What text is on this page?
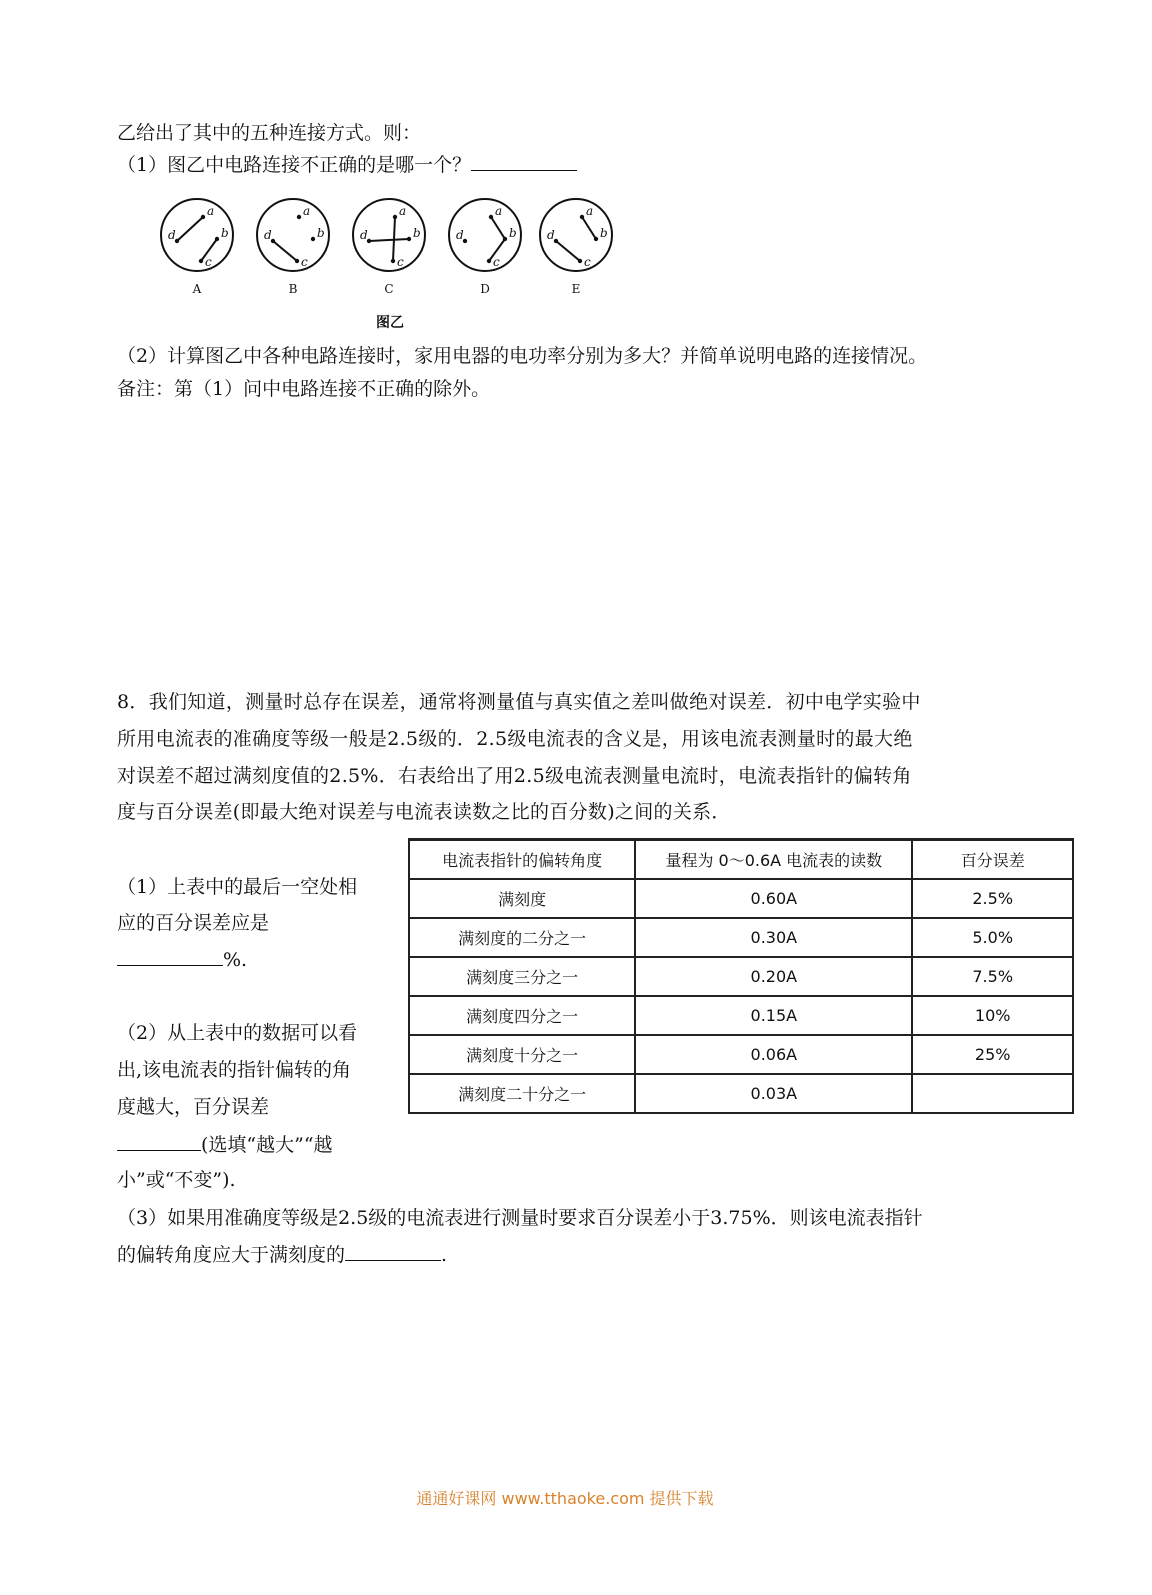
乙给出了其中的五种连接方式。则：
（1）图乙中电路连接不正确的是哪一个？
a
d	b
c
A
a
d	b
c
B
a
d	b
c
C
a
d	b
c
D
a
d	b
c
E
图乙
（2）计算图乙中各种电路连接时，家用电器的电功率分别为多大？并简单说明电路的连接情况。
备注：第（1）问中电路连接不正确的除外。
8．我们知道，测量时总存在误差，通常将测量值与真实值之差叫做绝对误差．初中电学实验中
所用电流表的准确度等级一般是2.5级的．2.5级电流表的含义是，用该电流表测量时的最大绝
对误差不超过满刻度值的2.5%．右表给出了用2.5级电流表测量电流时，电流表指针的偏转角
度与百分误差(即最大绝对误差与电流表读数之比的百分数)之间的关系．
（1）上表中的最后一空处相
应的百分误差应是
%.
（2）从上表中的数据可以看
出,该电流表的指针偏转的角
度越大，百分误差
(选填“越大”“越
小”或“不变”).
（3）如果用准确度等级是2.5级的电流表进行测量时要求百分误差小于3.75%．则该电流表指针
的偏转角度应大于满刻度的	.
电流表指针的偏转角度	量程为 0～0.6A 电流表的读数	百分误差
满刻度	0.60A	2.5%
满刻度的二分之一	0.30A	5.0%
满刻度三分之一	0.20A	7.5%
满刻度四分之一	0.15A	10%
满刻度十分之一	0.06A	25%
满刻度二十分之一	0.03A	
通通好课网 www.tthaoke.com 提供下载
